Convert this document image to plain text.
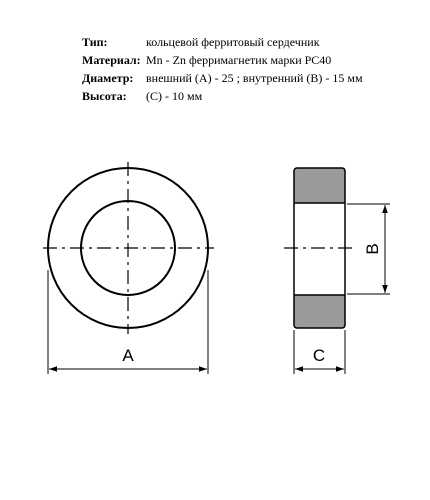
Тип:	кольцевой ферритовый сердечник
Материал: Mn - Zn ферримагнетик марки PC40
Диаметр: внешний (A) - 25 ; внутренний (B) - 15 мм
Высота: (C) - 10 мм
A
B
C
